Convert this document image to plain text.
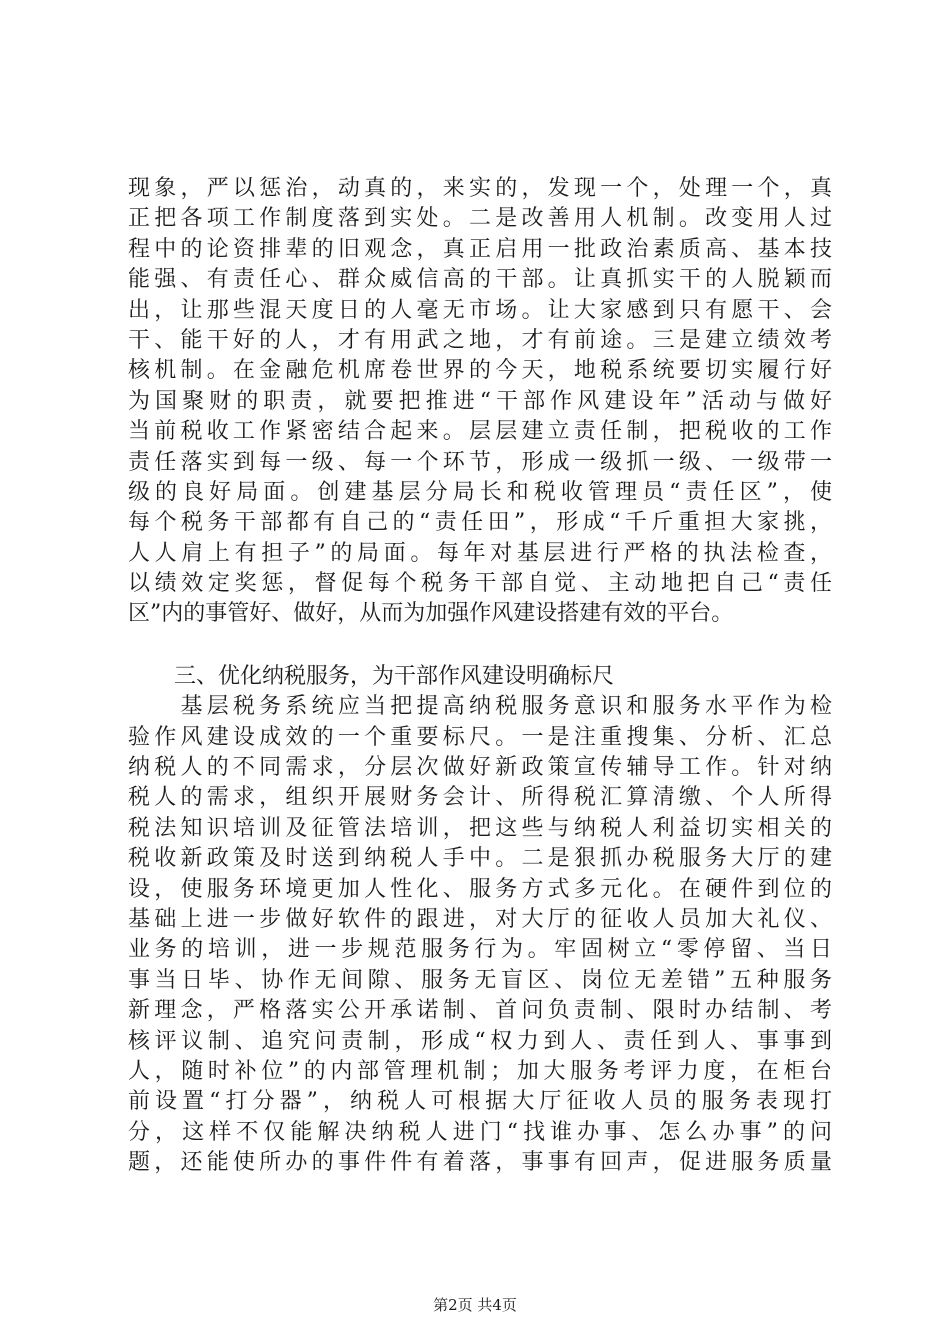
现象，严以惩治，动真的，来实的，发现一个，处理一个，真
正把各项工作制度落到实处。二是改善用人机制。改变用人过
程中的论资排辈的旧观念，真正启用一批政治素质高、基本技
能强、有责任心、群众威信高的干部。让真抓实干的人脱颖而
出，让那些混天度日的人毫无市场。让大家感到只有愿干、会
干、能干好的人，才有用武之地，才有前途。三是建立绩效考
核机制。在金融危机席卷世界的今天，地税系统要切实履行好
为国聚财的职责，就要把推进“干部作风建设年”活动与做好
当前税收工作紧密结合起来。层层建立责任制，把税收的工作
责任落实到每一级、每一个环节，形成一级抓一级、一级带一
级的良好局面。创建基层分局长和税收管理员“责任区”，使
每个税务干部都有自己的“责任田”，形成“千斤重担大家挑，
人人肩上有担子”的局面。每年对基层进行严格的执法检查，
以绩效定奖惩，督促每个税务干部自觉、主动地把自己“责任
区”内的事管好、做好，从而为加强作风建设搭建有效的平台。
三、优化纳税服务，为干部作风建设明确标尺
　　基层税务系统应当把提高纳税服务意识和服务水平作为检
验作风建设成效的一个重要标尺。一是注重搜集、分析、汇总
纳税人的不同需求，分层次做好新政策宣传辅导工作。针对纳
税人的需求，组织开展财务会计、所得税汇算清缴、个人所得
税法知识培训及征管法培训，把这些与纳税人利益切实相关的
税收新政策及时送到纳税人手中。二是狠抓办税服务大厅的建
设，使服务环境更加人性化、服务方式多元化。在硬件到位的
基础上进一步做好软件的跟进，对大厅的征收人员加大礼仪、
业务的培训，进一步规范服务行为。牢固树立“零停留、当日
事当日毕、协作无间隙、服务无盲区、岗位无差错”五种服务
新理念，严格落实公开承诺制、首问负责制、限时办结制、考
核评议制、追究问责制，形成“权力到人、责任到人、事事到
人，随时补位”的内部管理机制；加大服务考评力度，在柜台
前设置“打分器”，纳税人可根据大厅征收人员的服务表现打
分，这样不仅能解决纳税人进门“找谁办事、怎么办事”的问
题，还能使所办的事件件有着落，事事有回声，促进服务质量
第2页 共4页
